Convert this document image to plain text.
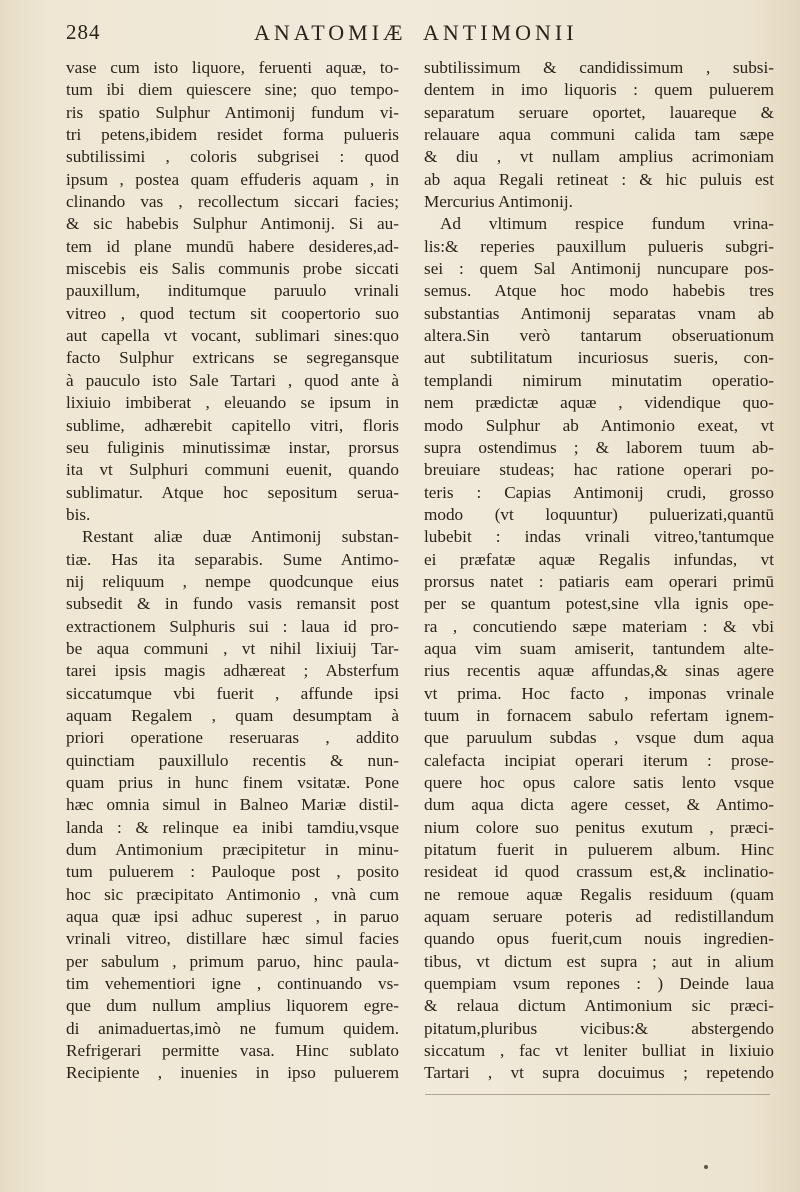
284	ANATOMIÆ ANTIMONII
vase cum isto liquore, feruenti aquæ, to-
tum ibi diem quiescere sine; quo tempo-
ris spatio Sulphur Antimonij fundum vi-
tri petens,ibidem residet forma pulueris
subtilissimi , coloris subgrisei : quod
ipsum , postea quam effuderis aquam , in
clinando vas , recollectum siccari facies;
& sic habebis Sulphur Antimonij. Si au-
tem id plane mundū habere desideres,ad-
miscebis eis Salis communis probe siccati
pauxillum, inditumque paruulo vrinali
vitreo , quod tectum sit coopertorio suo
aut capella vt vocant, sublimari sines:quo
facto Sulphur extricans se segregansque
à pauculo isto Sale Tartari , quod ante à
lixiuio imbiberat , eleuando se ipsum in
sublime, adhærebit capitello vitri, floris
seu fuliginis minutissimæ instar, prorsus
ita vt Sulphuri communi euenit, quando
sublimatur. Atque hoc sepositum serua-
bis.
Restant aliæ duæ Antimonij substan-
tiæ. Has ita separabis. Sume Antimo-
nij reliquum , nempe quodcunque eius
subsedit & in fundo vasis remansit post
extractionem Sulphuris sui : laua id pro-
be aqua communi , vt nihil lixiuij Tar-
tarei ipsis magis adhæreat ; Absterfum
siccatumque vbi fuerit , affunde ipsi
aquam Regalem , quam desumptam à
priori operatione reseruaras , addito
quinctiam pauxillulo recentis & nun-
quam prius in hunc finem vsitatæ. Pone
hæc omnia simul in Balneo Mariæ distil-
landa : & relinque ea inibi tamdiu,vsque
dum Antimonium præcipitetur in minu-
tum puluerem : Pauloque post , posito
hoc sic præcipitato Antimonio , vnà cum
aqua quæ ipsi adhuc superest , in paruo
vrinali vitreo, distillare hæc simul facies
per sabulum , primum paruo, hinc paula-
tim vehementiori igne , continuando vs-
que dum nullum amplius liquorem egre-
di animaduertas,imò ne fumum quidem.
Refrigerari permitte vasa. Hinc sublato
Recipiente , inuenies in ipso puluerem
subtilissimum & candidissimum , subsi-
dentem in imo liquoris : quem puluerem
separatum seruare oportet, lauareque &
relauare aqua communi calida tam sæpe
& diu , vt nullam amplius acrimoniam
ab aqua Regali retineat : & hic puluis est
Mercurius Antimonij.
Ad vltimum respice fundum vrina-
lis:& reperies pauxillum pulueris subgri-
sei : quem Sal Antimonij nuncupare pos-
semus. Atque hoc modo habebis tres
substantias Antimonij separatas vnam ab
altera.Sin verò tantarum obseruationum
aut subtilitatum incuriosus sueris, con-
templandi nimirum minutatim operatio-
nem prædictæ aquæ , videndique quo-
modo Sulphur ab Antimonio exeat, vt
supra ostendimus ; & laborem tuum ab-
breuiare studeas; hac ratione operari po-
teris : Capias Antimonij crudi, grosso
modo (vt loquuntur) puluerizati,quantū
lubebit : indas vrinali vitreo,'tantumque
ei præfatæ aquæ Regalis infundas, vt
prorsus natet : patiaris eam operari primū
per se quantum potest,sine vlla ignis ope-
ra , concutiendo sæpe materiam : & vbi
aqua vim suam amiserit, tantundem alte-
rius recentis aquæ affundas,& sinas agere
vt prima. Hoc facto , imponas vrinale
tuum in fornacem sabulo refertam ignem-
que paruulum subdas , vsque dum aqua
calefacta incipiat operari iterum : prose-
quere hoc opus calore satis lento vsque
dum aqua dicta agere cesset, & Antimo-
nium colore suo penitus exutum , præci-
pitatum fuerit in puluerem album. Hinc
resideat id quod crassum est,& inclinatio-
ne remoue aquæ Regalis residuum (quam
aquam seruare poteris ad redistillandum
quando opus fuerit,cum nouis ingredien-
tibus, vt dictum est supra ; aut in alium
quempiam vsum repones : ) Deinde laua
& relaua dictum Antimonium sic præci-
pitatum,pluribus vicibus:& abstergendo
siccatum , fac vt leniter bulliat in lixiuio
Tartari , vt supra docuimus ; repetendo
